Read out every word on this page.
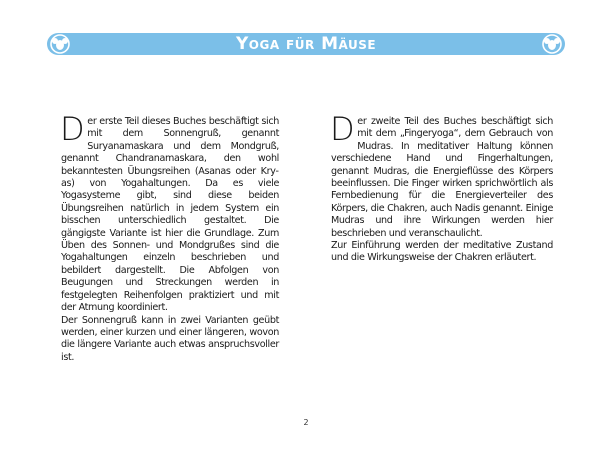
Yoga für Mäuse

Der erste Teil dieses Buches beschäftigt sich mit dem Sonnengruß, genannt Suryanamaskara und dem Mondgruß, genannt Chandranamaskara, den wohl bekanntesten Übungsreihen (Asanas oder Kryas) von Yogahaltungen. Da es viele Yogasysteme gibt, sind diese beiden Übungsreihen natürlich in jedem System ein bisschen unterschiedlich gestaltet. Die gängigste Variante ist hier die Grundlage. Zum Üben des Sonnen- und Mondgrußes sind die Yogahaltungen einzeln beschrieben und bebildert dargestellt. Die Abfolgen von Beugungen und Streckungen werden in festgelegten Reihenfolgen praktiziert und mit der Atmung koordiniert.

Der Sonnengruß kann in zwei Varianten geübt werden, einer kurzen und einer längeren, wovon die längere Variante auch etwas anspruchsvoller ist.

Der zweite Teil des Buches beschäftigt sich mit dem „Fingeryoga“, dem Gebrauch von Mudras. In meditativer Haltung können verschiedene Hand und Fingerhaltungen, genannt Mudras, die Energieflüsse des Körpers beeinflussen. Die Finger wirken sprichwörtlich als Fernbedienung für die Energieverteiler des Körpers, die Chakren, auch Nadis genannt. Einige Mudras und ihre Wirkungen werden hier beschrieben und veranschaulicht.

Zur Einführung werden der meditative Zustand und die Wirkungsweise der Chakren erläutert.

2
